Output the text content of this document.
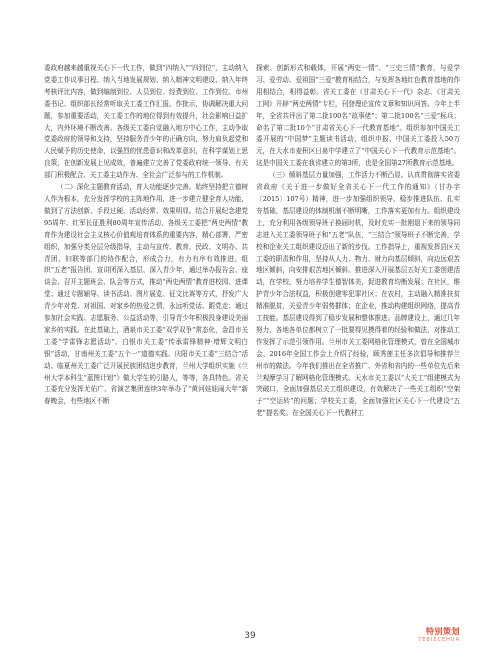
委政府越来越重视关心下一代工作，做到“四纳入”“四到位”，主动纳入党委工作议事日程、纳入当地发展规划、纳入精神文明建设、纳入年终考核评比内容，做到编制到位、人员到位、经费到位、工作到位。市州委书记、组织部长经常听取关工委工作汇报、作批示，协调解决重大问题，参加重要活动，关工委工作的地位得到有效提升，社会影响日益扩大，内外环境不断改善。各级关工委自觉融入地方中心工作，主动争取党委政府的领导和支持，坚持服务青少年的正确方向，努力肩负起党和人民赋予的历史使命，以强烈的忧患意识和改革意识，在科学谋划上思良策，在创新发展上见成效，普遍建立完善了党委政府统一领导、有关部门积极配合、关工委主动作为、全社会广泛参与的工作机制。

（二）深化主题教育活动，育人功能逐步完善。始终坚持把立德树人作为根本，充分发挥学校的主阵地作用，进一步建立健全育人功能，做到了方法创新、手段过硬、活动经常、效果明显。结合开展纪念建党95周年、红军长征胜利80周年宣传活动，各级关工委把“两史两情”教育作为建设社会主义核心价值观培育体系的重要内容，精心部署、严密组织，加强分类分层分级指导，主动与宣传、教育、民政、文明办、共青团、妇联等部门的协作配合，形成合力，有力有序有效推进。组织“五老”报告团、宣讲团深入基层、深入青少年，通过举办报告会、座谈会、召开主题班会、队会等方式，推动“两史两情”教育进校园、进课堂；通过专题辅导、读书活动、图片展览、征文比赛等方式，抒发广大青少年对党、对祖国、对家乡的热爱之情，永远听党话、跟党走；通过参加社会实践、志愿服务、公益活动等，引导青少年积极投身建设美丽家乡的实践。在此基础上，酒泉市关工委“双学双争”常态化，金昌市关工委“学雷锋志愿活动”、白银市关工委“传承雷锋精神·增辉文明白银”活动，甘南州关工委“五个一”道德实践、庆阳市关工委“三结合”活动、临夏州关工委广泛开展民族团结进步教育，兰州大学组织实施《兰州大学本科生“蓝图计划”》做大学生的引路人，等等，各具特色。省关工委充分发挥尤佑广、省演艺集团连续3年举办了“黄河娃娃闹大年”新春晚会，有些地区不断

探索、创新形式和载体，开展“两史一情”、“三史三情”教育，与爱学习、爱劳动、爱祖国“三爱”教育相结合，与发挥各地红色教育基地的作用相结合，相得益彰。省关工委在《甘肃关心下一代》杂志、《甘肃关工网》开辟“两史两情”专栏，刊登理论宣传文章和知识问答。今年上半年，全省共评出了第二批100名“故事佬”；第二批100名“三爱”标兵；命名了第二批10个“甘肃省关心下一代教育基地”。组织参加中国关工委开展的“中国梦”主题读书活动，组织申报、中国关工委投入50万元，在大水市麦积区日泉中学建立了“中国关心下一代教育示范基地”。这是中国关工委在我省建立的第3所，也是全国第27所教育示范基地。

（三）倾斜基层力量加强，工作活力不断凸显。认真贯彻落实省委省政府《关于进一步做好全省关心下一代工作的通知》（甘办字〔2015〕107号）精神，进一步加强组织领导，稳步推进队伍、扎实夯基础，基层建设的体制机制不断明晰，工作落实更加有力。组织建设上，充分利用各级领导班子换届时机，及时充实一批刚退下来的领导同志进入关工委领导班子和“五老”队伍，“三结合”领导班子不断完善，学校和企业关工组织建设迈出了新的步伐。工作指导上，重视发挥县区关工委的职责和作用，坚持从人力、物力、财力向基层倾斜，向边远艰苦地区倾斜，向安排艰苦地区倾斜。推进深入开展基层五好关工委创建活动，在学校、努力培养学生德智体美，促进教育均衡发展；在社区，维护青少年合法权益，积极创建零犯罪社区；在农村，主动融入精准扶贫精准脱贫，关爱青少年弱势群体；在企业，推动构建组织网络，提高青工技能。基层建设得到了稳步发展和整体推进。品牌建设上，通过几年努力，各地各单位都树立了一批要得见摸得着的经验和做法，对推动工作发挥了示范引领作用。兰州市关工委网格化管理模式，曾在全国城市会、2016年全国工作会上介绍了经验，顾秀莲主任多次倡导和推荐兰州市的做法。今年我们推出在全省推广、外省和省内的一些单位先后来兰观摩学习了解网格化管理模式。天水市关工委以“大关工”组建模式为突破口，全面加强基层关工组织建设，有效解决了一些关工组织“空架子”“空运转”的问题；学校关工委，全面加强社区关心下一代建设“五老”提名奖。在全国关心下一代教材工

39	特别策划
TEBIECEHUA
